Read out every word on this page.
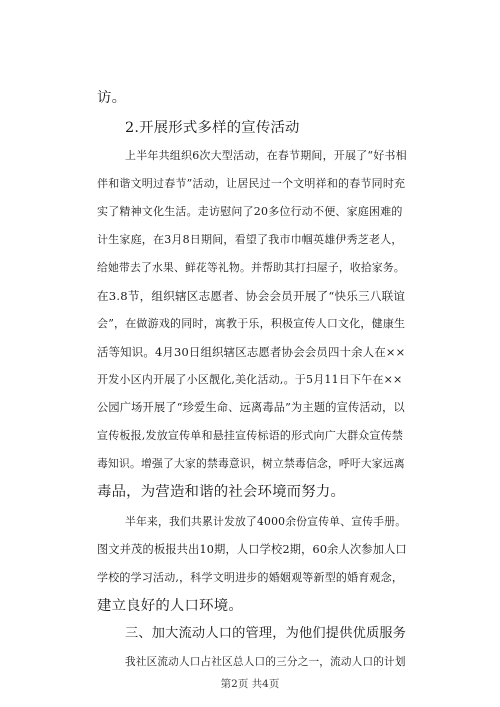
访。
2.开展形式多样的宣传活动
上半年共组织6次大型活动，在春节期间，开展了“好书相
伴和谐文明过春节”活动，让居民过一个文明祥和的春节同时充
实了精神文化生活。走访慰问了20多位行动不便、家庭困难的
计生家庭，在3月8日期间，看望了我市巾帼英雄伊秀芝老人，
给她带去了水果、鲜花等礼物。并帮助其打扫屋子，收拾家务。
在3.8节，组织辖区志愿者、协会会员开展了“快乐三八联谊
会”，在做游戏的同时，寓教于乐，积极宣传人口文化，健康生
活等知识。4月30日组织辖区志愿者协会会员四十余人在××
开发小区内开展了小区靓化,美化活动,。于5月11日下午在××
公园广场开展了“珍爱生命、远离毒品”为主题的宣传活动，以
宣传板报,发放宣传单和悬挂宣传标语的形式向广大群众宣传禁
毒知识。增强了大家的禁毒意识，树立禁毒信念，呼吁大家远离
毒品，为营造和谐的社会环境而努力。
半年来，我们共累计发放了4000余份宣传单、宣传手册。
图文并茂的板报共出10期，人口学校2期，60余人次参加人口
学校的学习活动,，科学文明进步的婚姻观等新型的婚育观念，
建立良好的人口环境。
三、加大流动人口的管理，为他们提供优质服务
我社区流动人口占社区总人口的三分之一，流动人口的计划
第2页 共4页
